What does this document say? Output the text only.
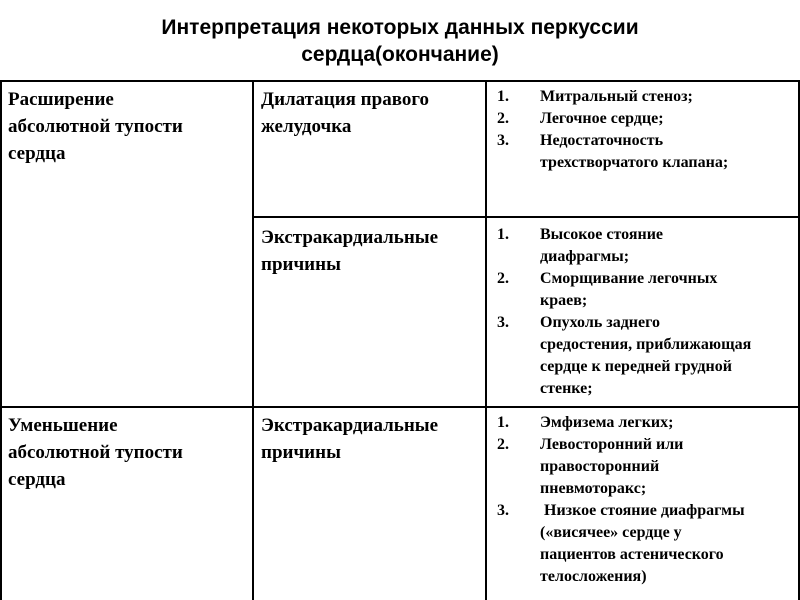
Интерпретация некоторых данных перкуссии
сердца(окончание)
Расширение
абсолютной тупости
сердца
Дилатация правого
желудочка
1. Митральный стеноз;
2. Легочное сердце;
3. Недостаточность
трехстворчатого клапана;
Экстракардиальные
причины
1. Высокое стояние
диафрагмы;
2. Сморщивание легочных
краев;
3. Опухоль заднего
средостения, приближающая
сердце к передней грудной
стенке;
Уменьшение
абсолютной тупости
сердца
Экстракардиальные
причины
1. Эмфизема легких;
2. Левосторонний или
правосторонний
пневмоторакс;
3. Низкое стояние диафрагмы
(«висячее» сердце у
пациентов астенического
телосложения)
